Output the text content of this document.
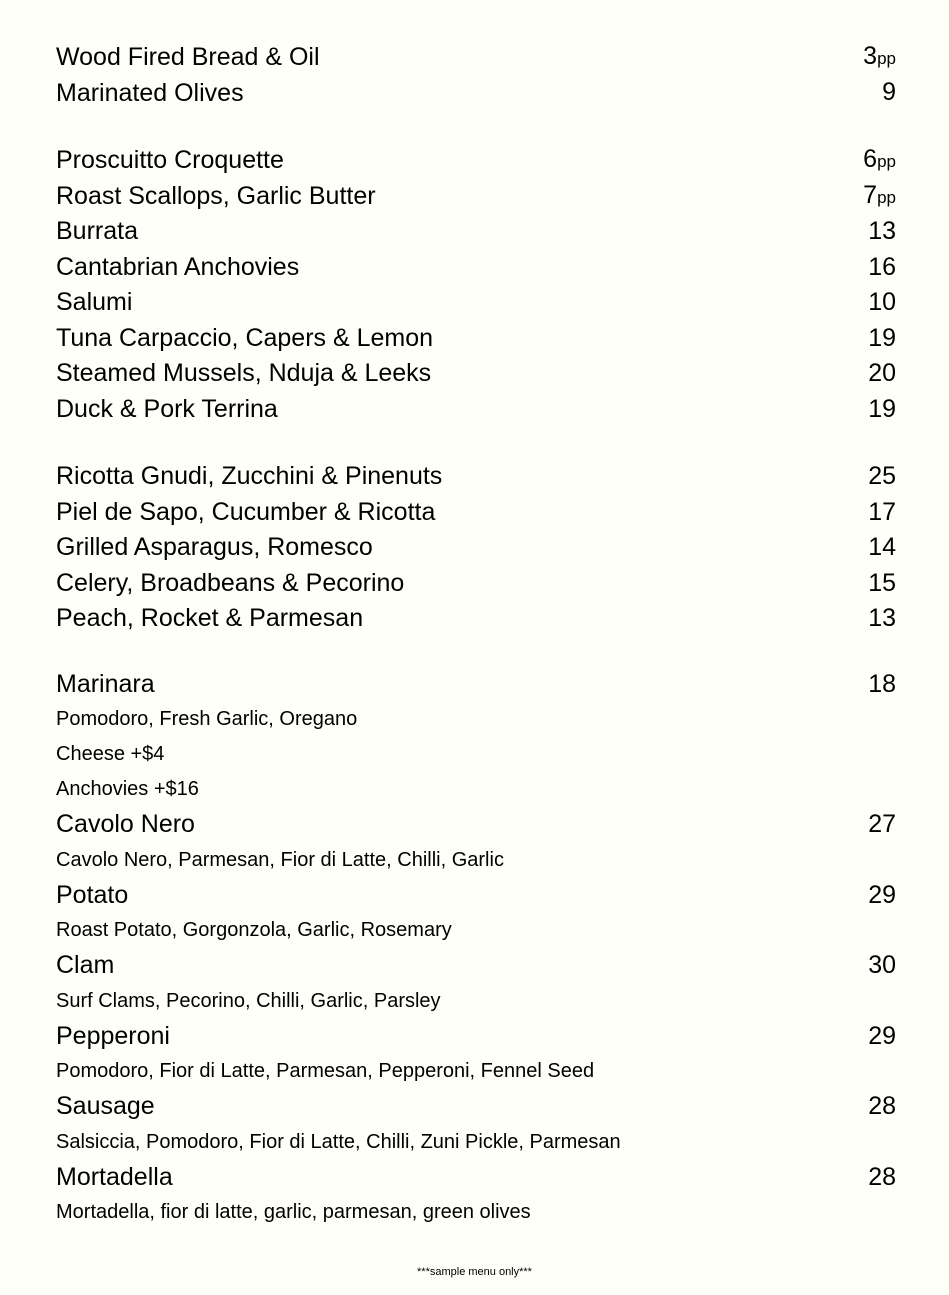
Wood Fired Bread & Oil	3pp
Marinated Olives	9
Proscuitto Croquette	6pp
Roast Scallops, Garlic Butter	7pp
Burrata	13
Cantabrian Anchovies	16
Salumi	10
Tuna Carpaccio, Capers & Lemon	19
Steamed Mussels, Nduja & Leeks	20
Duck & Pork Terrina	19
Ricotta Gnudi, Zucchini & Pinenuts	25
Piel de Sapo, Cucumber & Ricotta	17
Grilled Asparagus, Romesco	14
Celery, Broadbeans & Pecorino	15
Peach, Rocket & Parmesan	13
Marinara	18
Pomodoro, Fresh Garlic, Oregano
Cheese +$4
Anchovies +$16
Cavolo Nero	27
Cavolo Nero, Parmesan, Fior di Latte, Chilli, Garlic
Potato	29
Roast Potato, Gorgonzola, Garlic, Rosemary
Clam	30
Surf Clams, Pecorino, Chilli, Garlic, Parsley
Pepperoni	29
Pomodoro, Fior di Latte, Parmesan, Pepperoni, Fennel Seed
Sausage	28
Salsiccia, Pomodoro, Fior di Latte, Chilli, Zuni Pickle, Parmesan
Mortadella	28
Mortadella, fior di latte, garlic, parmesan, green olives
***sample menu only***
